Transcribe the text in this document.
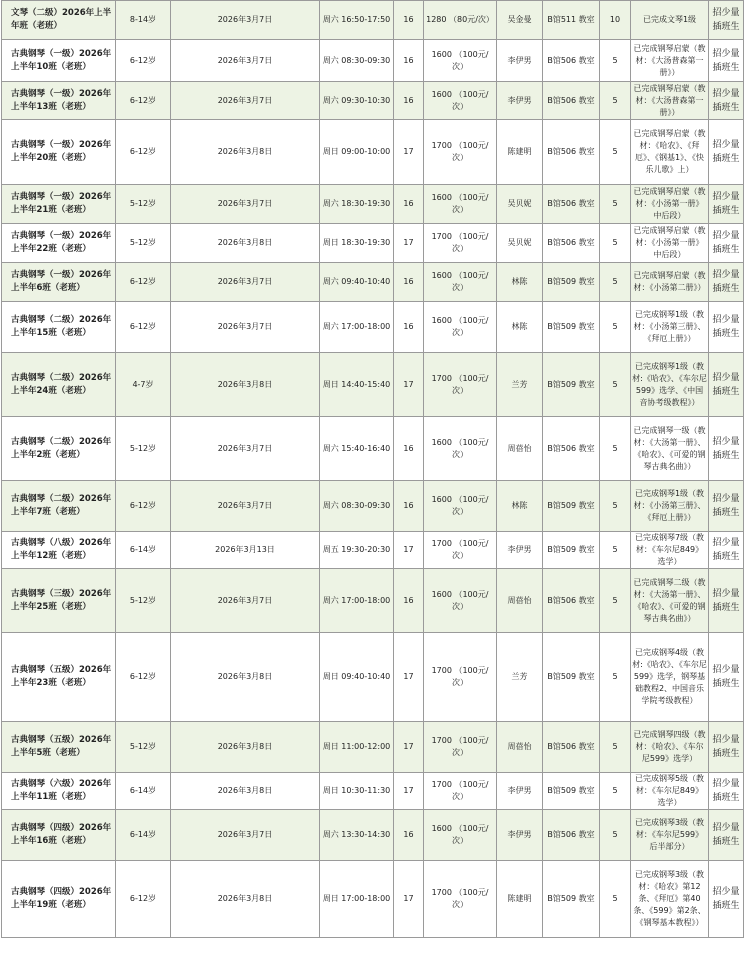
文琴（二级）2026年上半年班（老班）	8-14岁	2026年3月7日	周六 16:50-17:50	16	1280 （80元/次）	吴金曼	B馆511 教室	10	已完成文琴1级	招少量插班生
古典钢琴（一级）2026年上半年10班（老班）	6-12岁	2026年3月7日	周六 08:30-09:30	16	1600 （100元/次）	李伊男	B馆506 教室	5	已完成钢琴启蒙（教材：《大汤普森第一册》）	招少量插班生
古典钢琴（一级）2026年上半年13班（老班）	6-12岁	2026年3月7日	周六 09:30-10:30	16	1600 （100元/次）	李伊男	B馆506 教室	5	已完成钢琴启蒙（教材：《大汤普森第一册》）	招少量插班生
古典钢琴（一级）2026年上半年20班（老班）	6-12岁	2026年3月8日	周日 09:00-10:00	17	1700 （100元/次）	陈建明	B馆506 教室	5	已完成钢琴启蒙（教材：《哈农》、《拜厄》、《钢基1》、《快乐儿歌》上）	招少量插班生
古典钢琴（一级）2026年上半年21班（老班）	5-12岁	2026年3月7日	周六 18:30-19:30	16	1600 （100元/次）	吴贝妮	B馆506 教室	5	已完成钢琴启蒙（教材：《小汤第一册》中后段）	招少量插班生
古典钢琴（一级）2026年上半年22班（老班）	5-12岁	2026年3月8日	周日 18:30-19:30	17	1700 （100元/次）	吴贝妮	B馆506 教室	5	已完成钢琴启蒙（教材：《小汤第一册》中后段）	招少量插班生
古典钢琴（一级）2026年上半年6班（老班）	6-12岁	2026年3月7日	周六 09:40-10:40	16	1600 （100元/次）	林陈	B馆509 教室	5	已完成钢琴启蒙（教材：《小汤第二册》）	招少量插班生
古典钢琴（二级）2026年上半年15班（老班）	6-12岁	2026年3月7日	周六 17:00-18:00	16	1600 （100元/次）	林陈	B馆509 教室	5	已完成钢琴1级（教材：《小汤第三册》、《拜厄上册》）	招少量插班生
古典钢琴（二级）2026年上半年24班（老班）	4-7岁	2026年3月8日	周日 14:40-15:40	17	1700 （100元/次）	兰芳	B馆509 教室	5	已完成钢琴1级（教材:《哈农》、《车尔尼599》选学、《中国音协考级教程》）	招少量插班生
古典钢琴（二级）2026年上半年2班（老班）	5-12岁	2026年3月7日	周六 15:40-16:40	16	1600 （100元/次）	周蓓怡	B馆506 教室	5	已完成钢琴一级（教材：《大汤第一册》、《哈农》、《可爱的钢琴古典名曲》）	招少量插班生
古典钢琴（二级）2026年上半年7班（老班）	6-12岁	2026年3月7日	周六 08:30-09:30	16	1600 （100元/次）	林陈	B馆509 教室	5	已完成钢琴1级（教材：《小汤第三册》、《拜厄上册》）	招少量插班生
古典钢琴（八级）2026年上半年12班（老班）	6-14岁	2026年3月13日	周五 19:30-20:30	17	1700 （100元/次）	李伊男	B馆509 教室	5	已完成钢琴7级（教材：《车尔尼849》选学）	招少量插班生
古典钢琴（三级）2026年上半年25班（老班）	5-12岁	2026年3月7日	周六 17:00-18:00	16	1600 （100元/次）	周蓓怡	B馆506 教室	5	已完成钢琴二级（教材：《大汤第一册》、《哈农》、《可爱的钢琴古典名曲》）	招少量插班生
古典钢琴（五级）2026年上半年23班（老班）	6-12岁	2026年3月8日	周日 09:40-10:40	17	1700 （100元/次）	兰芳	B馆509 教室	5	已完成钢琴4级（教材:《哈农》、《车尔尼599》选学，钢琴基础教程2、中国音乐学院考级教程）	招少量插班生
古典钢琴（五级）2026年上半年5班（老班）	5-12岁	2026年3月8日	周日 11:00-12:00	17	1700 （100元/次）	周蓓怡	B馆506 教室	5	已完成钢琴四级（教材：《哈农》、《车尔尼599》选学）	招少量插班生
古典钢琴（六级）2026年上半年11班（老班）	6-14岁	2026年3月8日	周日 10:30-11:30	17	1700 （100元/次）	李伊男	B馆509 教室	5	已完成钢琴5级（教材：《车尔尼849》选学）	招少量插班生
古典钢琴（四级）2026年上半年16班（老班）	6-14岁	2026年3月7日	周六 13:30-14:30	16	1600 （100元/次）	李伊男	B馆506 教室	5	已完成钢琴3级（教材：《车尔尼599》后半部分）	招少量插班生
古典钢琴（四级）2026年上半年19班（老班）	6-12岁	2026年3月8日	周日 17:00-18:00	17	1700 （100元/次）	陈建明	B馆509 教室	5	已完成钢琴3级（教材：《哈农》第12条、《拜厄》第40条、《599》第2条、《钢琴基本教程》）	招少量插班生
